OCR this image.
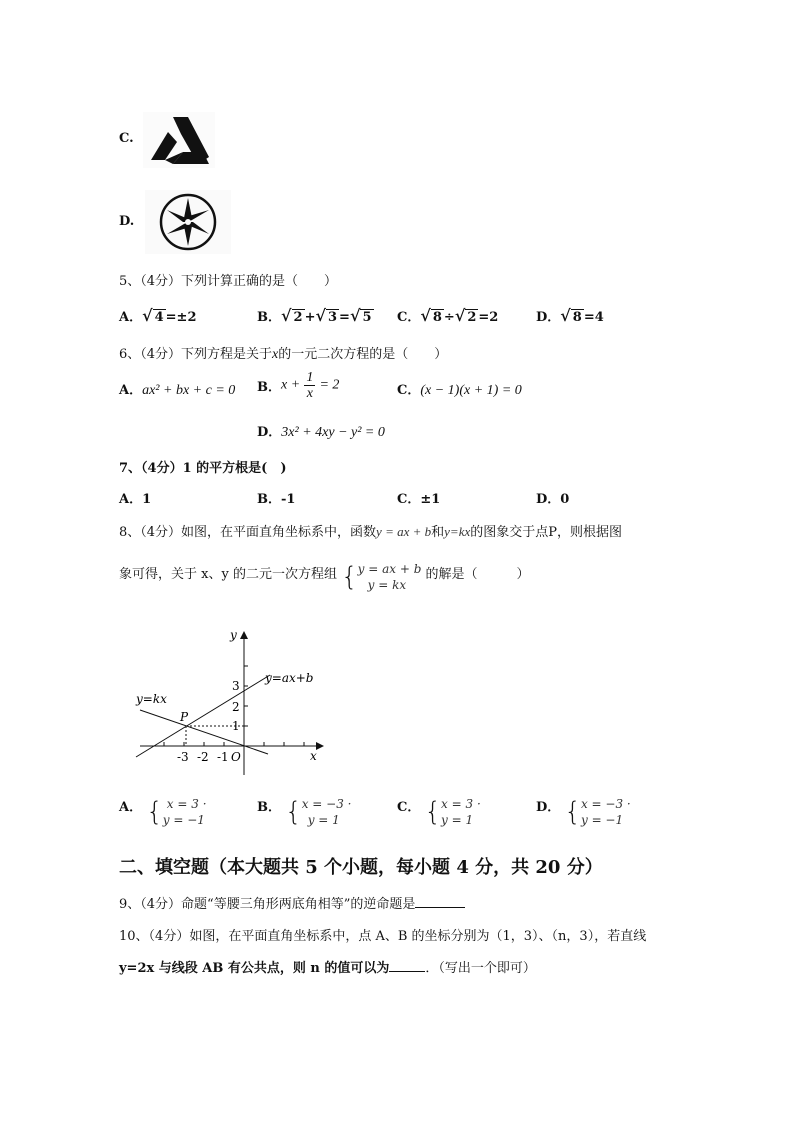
C.
D.
5、（4分）下列计算正确的是（　　）
A．√ 4 =±2	B．√ 2 +√ 3 =√ 5 C．√ 8 ÷√ 2 =2	D．√ 8 =4
6、（4分）下列方程是关于x的一元二次方程的是（　　）
A．ax² + bx + c = 0 B．$x + \frac{1}{x} = 2$	C．(x − 1)(x + 1) = 0
D．3x² + 4xy − y² = 0
7、（4分）1 的平方根是(　)
A．1	B．-1	C．±1	D．0
8、（4分）如图，在平面直角坐标系中，函数y = ax + b和y=kx的图象交于点P，则根据图
象可得，关于 x、y 的二元一次方程组 {y = ax + b
y = kx 的解是（　　　）
y
x
O
y=ax+b
y=kx
P
3
2
1
-3 -2 -1
A． { x = 3 ·
y = −1
B． {x = −3 ·
y = 1
C． {x = 3 ·
y = 1
D． {x = −3 ·
y = −1
二、填空题（本大题共 5 个小题，每小题 4 分，共 20 分）
9、（4分）命题“等腰三角形两底角相等”的逆命题是
10、（4分）如图，在平面直角坐标系中，点 A、B 的坐标分别为（1，3）、（n，3），若直线
y=2x 与线段 AB 有公共点，则 n 的值可以为	．（写出一个即可）
